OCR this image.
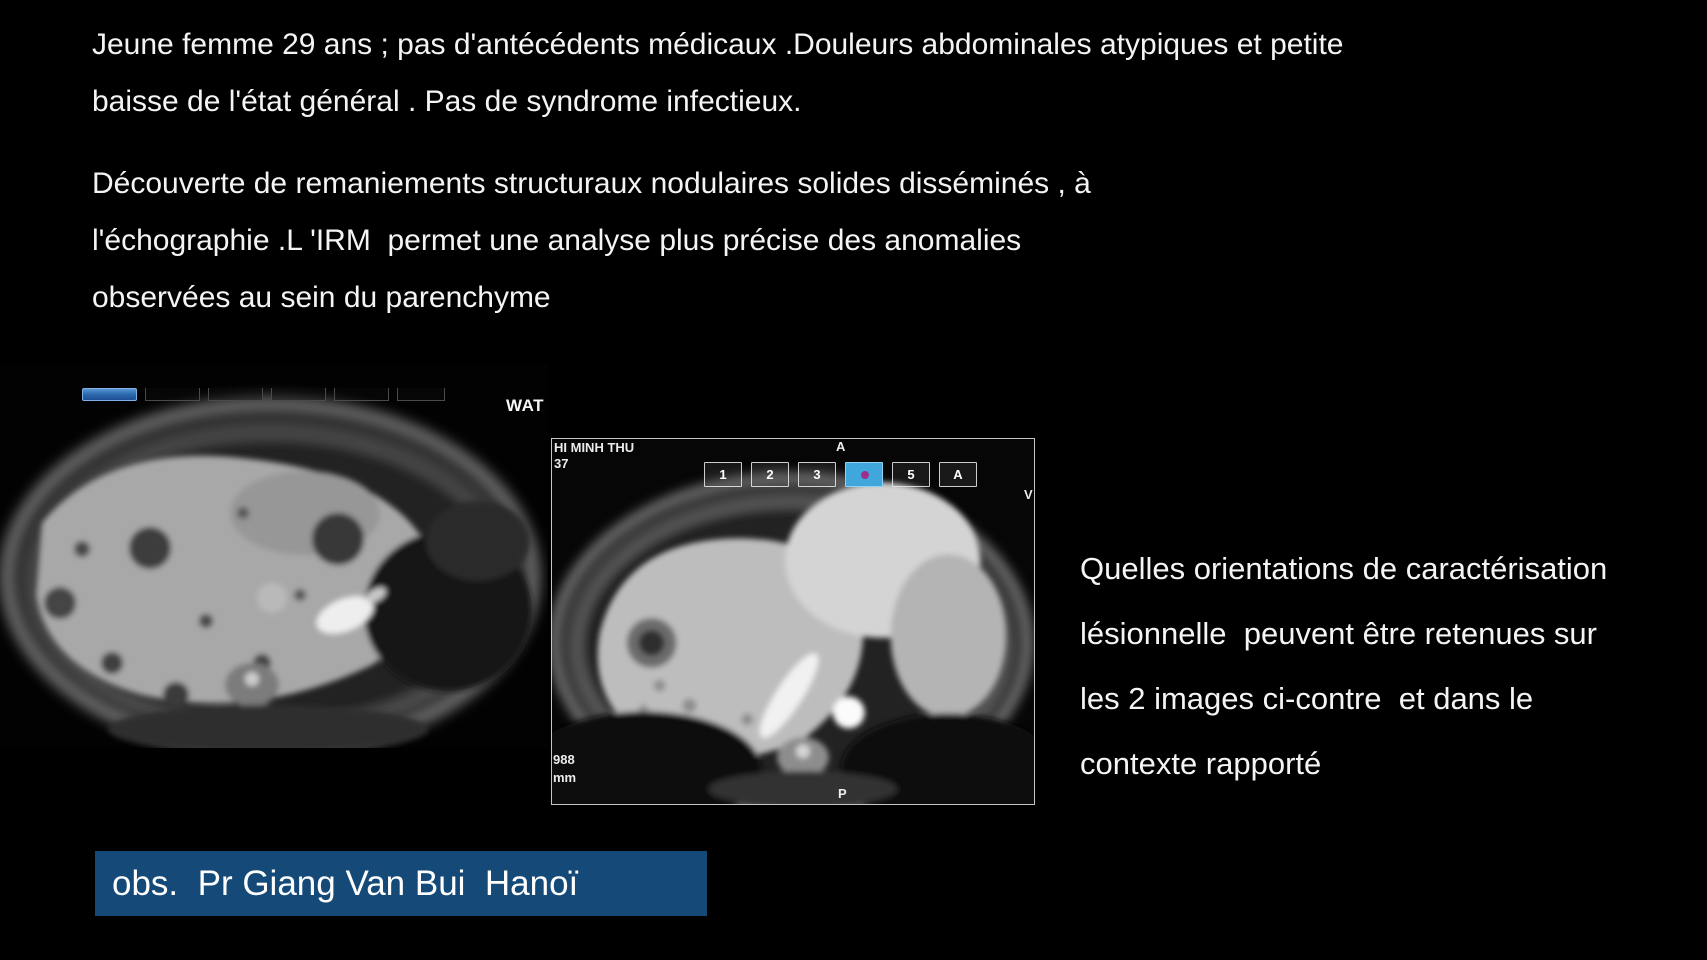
Jeune femme 29 ans ; pas d'antécédents médicaux .Douleurs abdominales atypiques et petite
baisse de l'état général . Pas de syndrome infectieux.
Découverte de remaniements structuraux nodulaires solides disséminés , à
l'échographie .L 'IRM  permet une analyse plus précise des anomalies
observées au sein du parenchyme
WAT
HI MINH THU
37
A
V
P
1	2	3	5	A
988
mm
Quelles orientations de caractérisation
lésionnelle  peuvent être retenues sur
les 2 images ci-contre  et dans le
contexte rapporté
obs.  Pr Giang Van Bui  Hanoï
